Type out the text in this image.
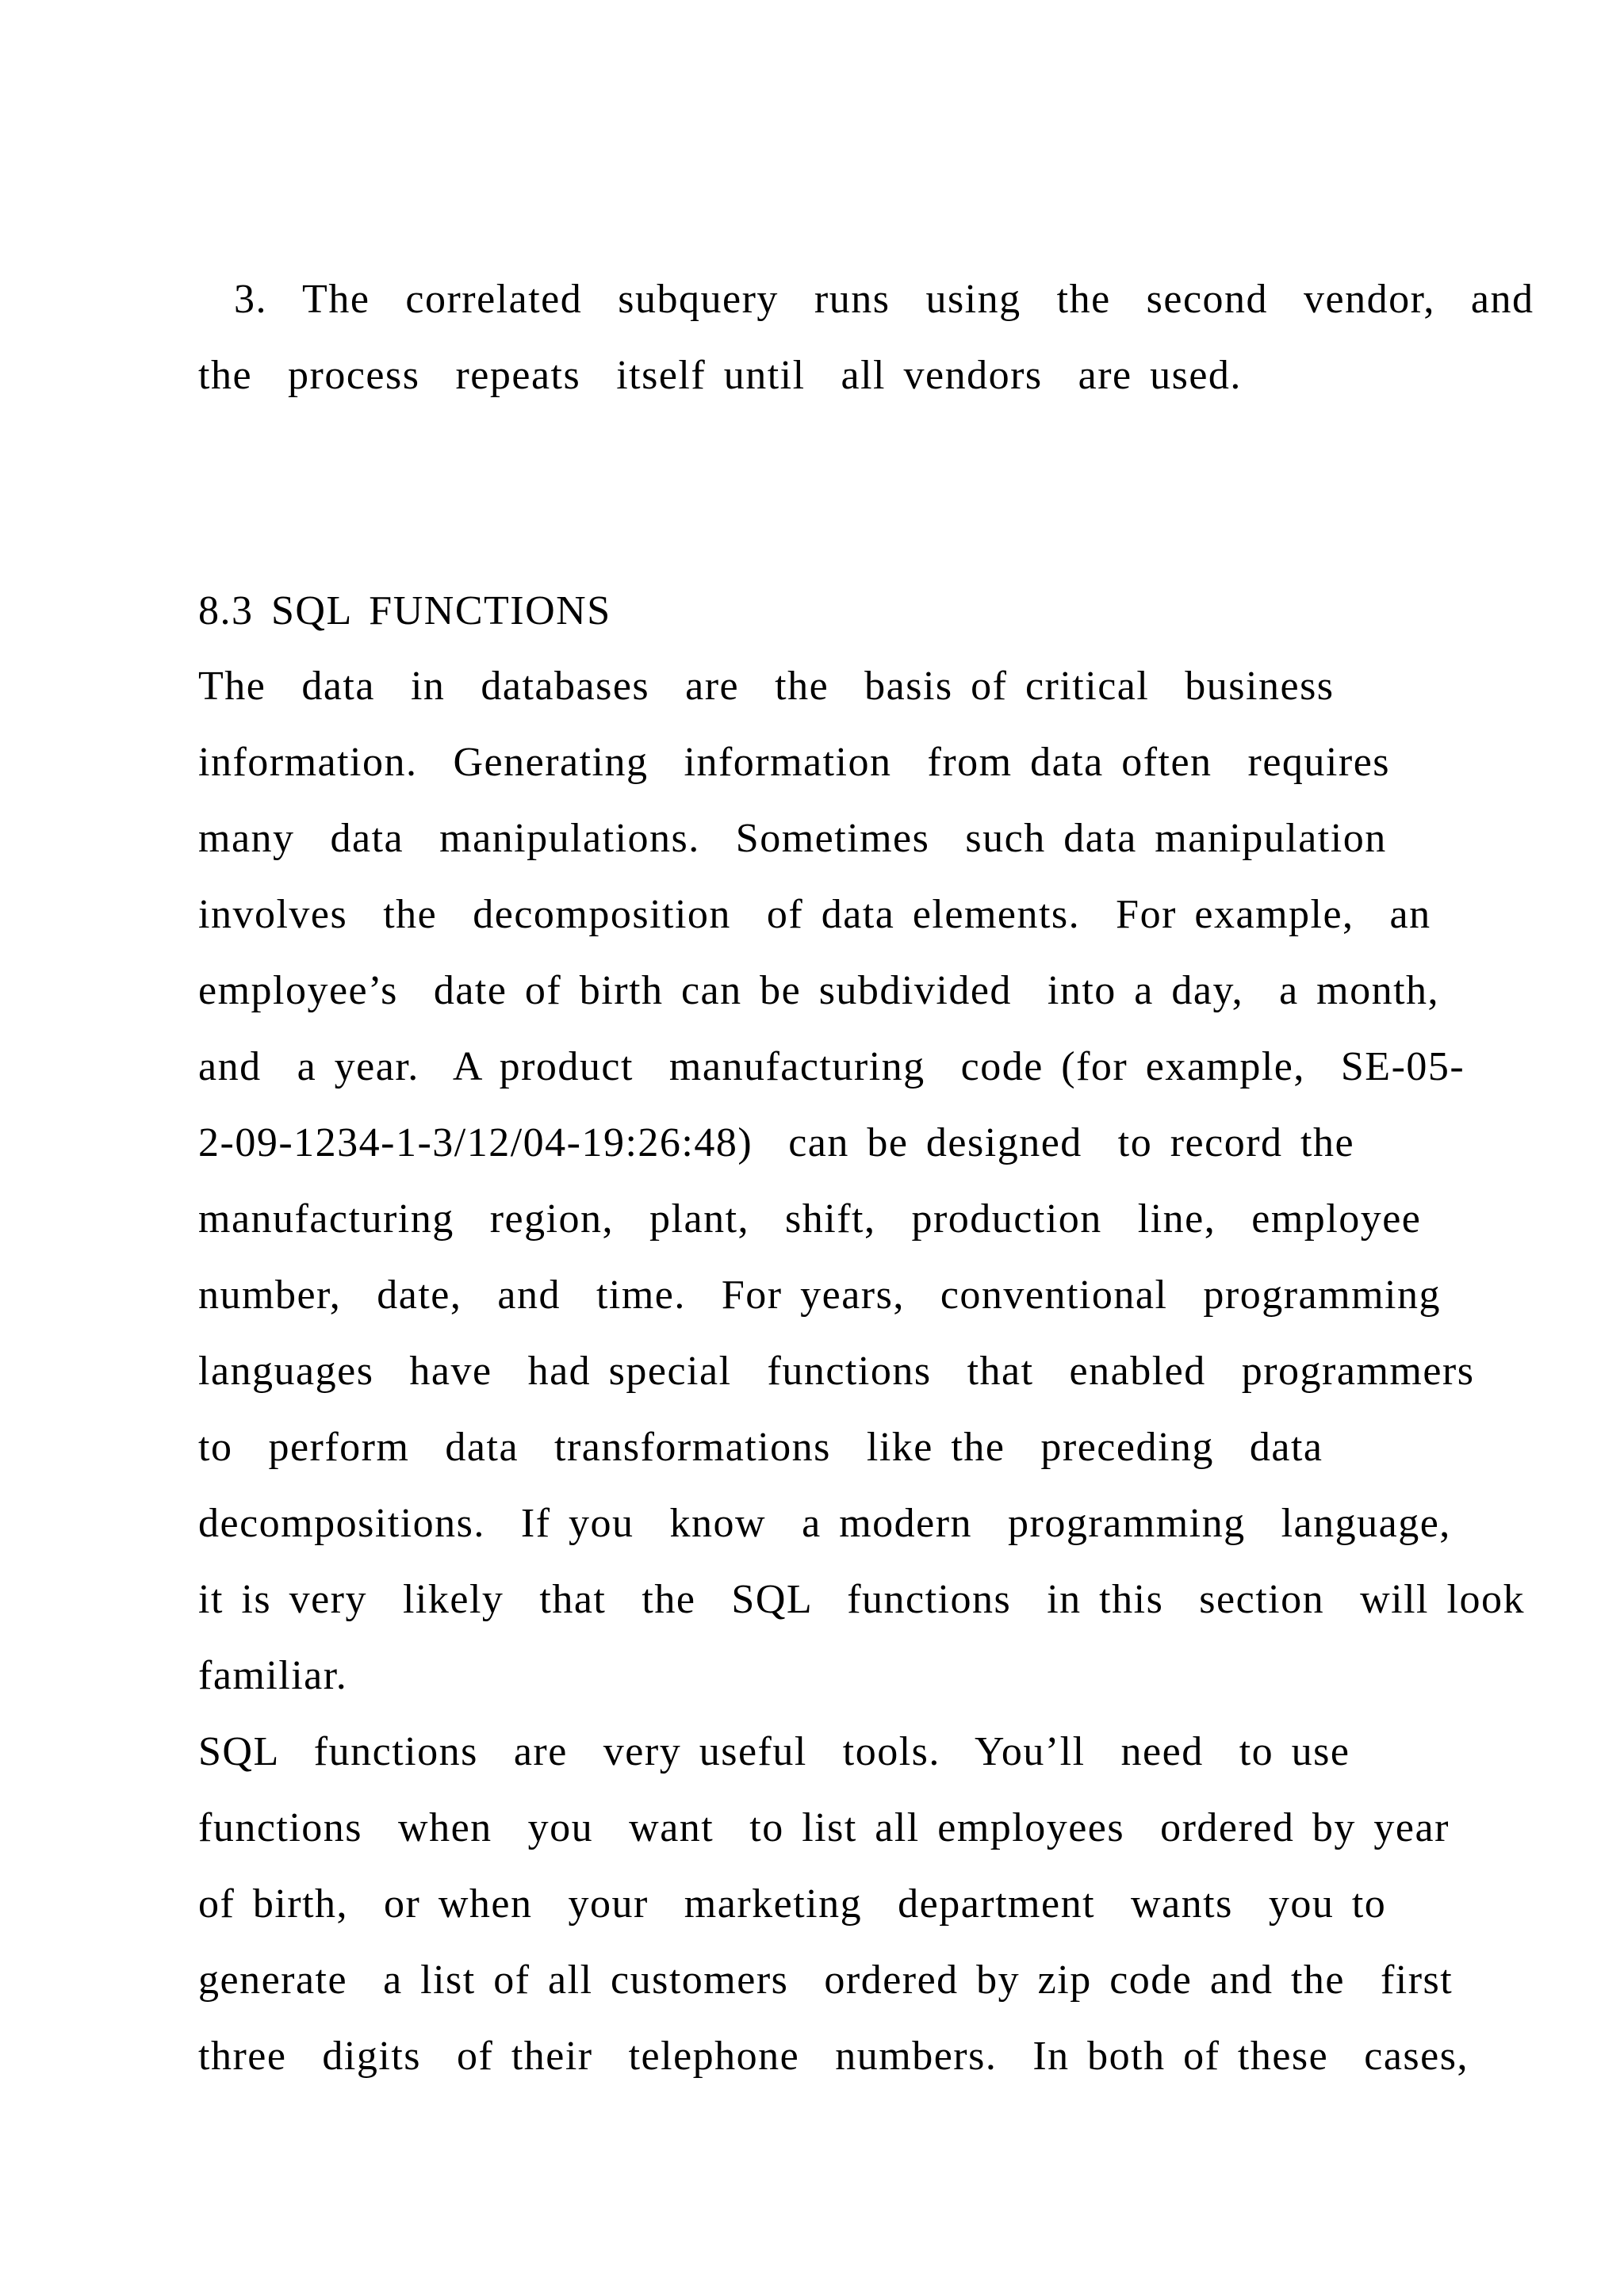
3.  The  correlated  subquery  runs  using  the  second  vendor,  and
the  process  repeats  itself until  all vendors  are used.
8.3 SQL FUNCTIONS
The  data  in  databases  are  the  basis of critical  business
information.  Generating  information  from data often  requires
many  data  manipulations.  Sometimes  such data manipulation
involves  the  decomposition  of data elements.  For example,  an
employee’s  date of birth can be subdivided  into a day,  a month,
and  a year.  A product  manufacturing  code (for example,  SE-05-
2-09-1234-1-3/12/04-19:26:48)  can be designed  to record the
manufacturing  region,  plant,  shift,  production  line,  employee
number,  date,  and  time.  For years,  conventional  programming
languages  have  had special  functions  that  enabled  programmers
to  perform  data  transformations  like the  preceding  data
decompositions.  If you  know  a modern  programming  language,
it is very  likely  that  the  SQL  functions  in this  section  will look
familiar.
SQL  functions  are  very useful  tools.  You’ll  need  to use
functions  when  you  want  to list all employees  ordered by year
of birth,  or when  your  marketing  department  wants  you to
generate  a list of all customers  ordered by zip code and the  first
three  digits  of their  telephone  numbers.  In both of these  cases,
